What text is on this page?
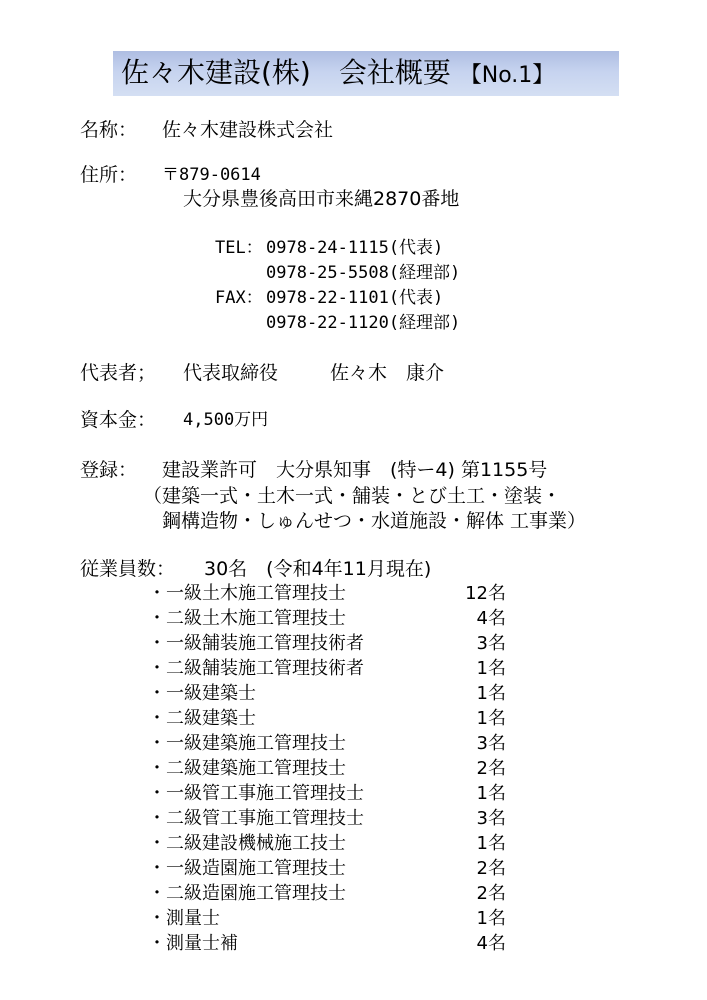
佐々木建設(株)　会社概要 【No.1】
名称： 佐々木建設株式会社
住所： 〒879-0614
大分県豊後高田市来縄2870番地
TEL： 0978-24-1115(代表)
0978-25-5508(経理部)
FAX： 0978-22-1101(代表)
0978-22-1120(経理部)
代表者； 代表取締役	佐々木　康介
資本金： 4,500万円
登録： 建設業許可　大分県知事　(特ー4) 第1155号
（建築一式・土木一式・舗装・とび土工・塗装・
鋼構造物・しゅんせつ・水道施設・解体 工事業）
従業員数： 30名　(令和4年11月現在)
・一級土木施工管理技士	12名
・二級土木施工管理技士	4名
・一級舗装施工管理技術者	3名
・二級舗装施工管理技術者	1名
・一級建築士	1名
・二級建築士	1名
・一級建築施工管理技士	3名
・二級建築施工管理技士	2名
・一級管工事施工管理技士	1名
・二級管工事施工管理技士	3名
・二級建設機械施工技士	1名
・一級造園施工管理技士	2名
・二級造園施工管理技士	2名
・測量士	1名
・測量士補	4名
